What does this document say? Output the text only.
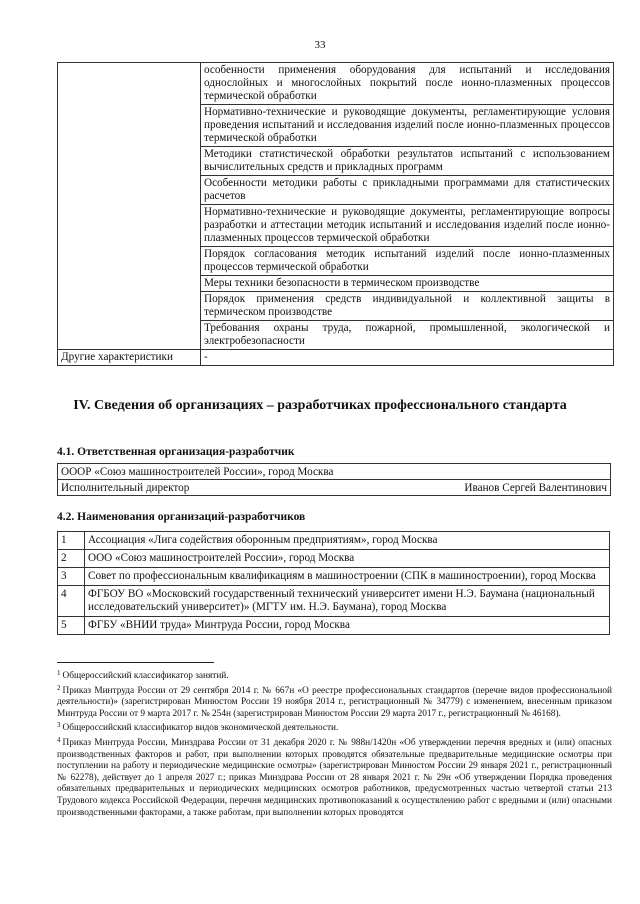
33
	особенности применения оборудования для испытаний и исследования однослойных и многослойных покрытий после ионно-плазменных процессов термической обработки
	Нормативно-технические и руководящие документы, регламентирующие условия проведения испытаний и исследования изделий после ионно-плазменных процессов термической обработки
	Методики статистической обработки результатов испытаний с использованием вычислительных средств и прикладных программ
	Особенности методики работы с прикладными программами для статистических расчетов
	Нормативно-технические и руководящие документы, регламентирующие вопросы разработки и аттестации методик испытаний и исследования изделий после ионно-плазменных процессов термической обработки
	Порядок согласования методик испытаний изделий после ионно-плазменных процессов термической обработки
	Меры техники безопасности в термическом производстве
	Порядок применения средств индивидуальной и коллективной защиты в термическом производстве
	Требования охраны труда, пожарной, промышленной, экологической и электробезопасности
Другие характеристики	-
IV. Сведения об организациях – разработчиках профессионального стандарта
4.1. Ответственная организация-разработчик
ОООР «Союз машиностроителей России», город Москва
Исполнительный директор	Иванов Сергей Валентинович
4.2. Наименования организаций-разработчиков
1	Ассоциация «Лига содействия оборонным предприятиям», город Москва
2	ООО «Союз машиностроителей России», город Москва
3	Совет по профессиональным квалификациям в машиностроении (СПК в машиностроении), город Москва
4	ФГБОУ ВО «Московский государственный технический университет имени Н.Э. Баумана (национальный исследовательский университет)» (МГТУ им. Н.Э. Баумана), город Москва
5	ФГБУ «ВНИИ труда» Минтруда России, город Москва

$^1$ Общероссийский классификатор занятий.

$^2$ Приказ Минтруда России от 29 сентября 2014 г. № 667н «О реестре профессиональных стандартов (перечне видов профессиональной деятельности)» (зарегистрирован Минюстом России 19 ноября 2014 г., регистрационный № 34779) с изменением, внесенным приказом Минтруда России от 9 марта 2017 г. № 254н (зарегистрирован Минюстом России 29 марта 2017 г., регистрационный № 46168).

$^3$ Общероссийский классификатор видов экономической деятельности.

$^4$ Приказ Минтруда России, Минздрава России от 31 декабря 2020 г. № 988н/1420н «Об утверждении перечня вредных и (или) опасных производственных факторов и работ, при выполнении которых проводятся обязательные предварительные медицинские осмотры при поступлении на работу и периодические медицинские осмотры» (зарегистрирован Минюстом России 29 января 2021 г., регистрационный № 62278), действует до 1 апреля 2027 г.; приказ Минздрава России от 28 января 2021 г. № 29н «Об утверждении Порядка проведения обязательных предварительных и периодических медицинских осмотров работников, предусмотренных частью четвертой статьи 213 Трудового кодекса Российской Федерации, перечня медицинских противопоказаний к осуществлению работ с вредными и (или) опасными производственными факторами, а также работам, при выполнении которых проводятся
